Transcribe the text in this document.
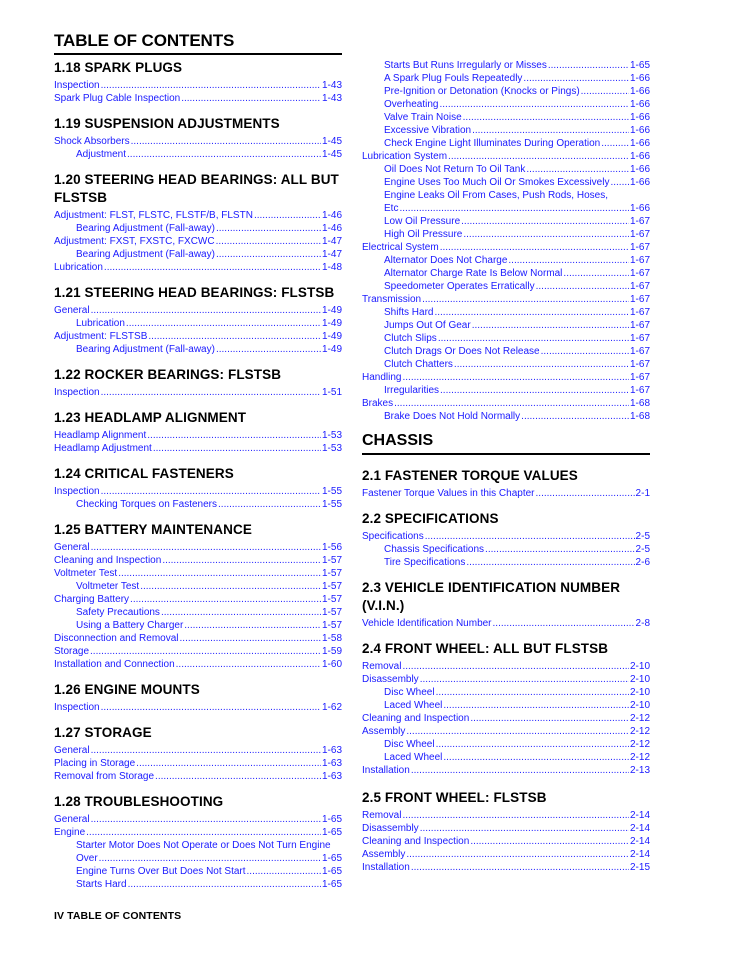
TABLE OF CONTENTS
1.18 SPARK PLUGS
Inspection .....	1-43
Spark Plug Cable Inspection .....	1-43
1.19 SUSPENSION ADJUSTMENTS
Shock Absorbers .....	1-45
Adjustment .....	1-45
1.20 STEERING HEAD BEARINGS: ALL BUT FLSTSB
Adjustment: FLST, FLSTC, FLSTF/B, FLSTN .....	1-46
Bearing Adjustment (Fall-away) .....	1-46
Adjustment: FXST, FXSTC, FXCWC .....	1-47
Bearing Adjustment (Fall-away) .....	1-47
Lubrication .....	1-48
1.21 STEERING HEAD BEARINGS: FLSTSB
General .....	1-49
Lubrication .....	1-49
Adjustment: FLSTSB .....	1-49
Bearing Adjustment (Fall-away) .....	1-49
1.22 ROCKER BEARINGS: FLSTSB
Inspection .....	1-51
1.23 HEADLAMP ALIGNMENT
Headlamp Alignment .....	1-53
Headlamp Adjustment .....	1-53
1.24 CRITICAL FASTENERS
Inspection .....	1-55
Checking Torques on Fasteners .....	1-55
1.25 BATTERY MAINTENANCE
General .....	1-56
Cleaning and Inspection .....	1-57
Voltmeter Test .....	1-57
Voltmeter Test .....	1-57
Charging Battery .....	1-57
Safety Precautions .....	1-57
Using a Battery Charger .....	1-57
Disconnection and Removal .....	1-58
Storage .....	1-59
Installation and Connection .....	1-60
1.26 ENGINE MOUNTS
Inspection .....	1-62
1.27 STORAGE
General .....	1-63
Placing in Storage .....	1-63
Removal from Storage .....	1-63
1.28 TROUBLESHOOTING
General .....	1-65
Engine .....	1-65
Starter Motor Does Not Operate or Does Not Turn Engine
Over .....	1-65
Engine Turns Over But Does Not Start .....	1-65
Starts Hard .....	1-65
Starts But Runs Irregularly or Misses .....	1-65
A Spark Plug Fouls Repeatedly .....	1-66
Pre-Ignition or Detonation (Knocks or Pings) .....	1-66
Overheating .....	1-66
Valve Train Noise .....	1-66
Excessive Vibration .....	1-66
Check Engine Light Illuminates During Operation .....	1-66
Lubrication System .....	1-66
Oil Does Not Return To Oil Tank .....	1-66
Engine Uses Too Much Oil Or Smokes Excessively ..... 1-66
Engine Leaks Oil From Cases, Push Rods, Hoses,
Etc .....	1-66
Low Oil Pressure .....	1-67
High Oil Pressure .....	1-67
Electrical System .....	1-67
Alternator Does Not Charge .....	1-67
Alternator Charge Rate Is Below Normal .....	1-67
Speedometer Operates Erratically .....	1-67
Transmission .....	1-67
Shifts Hard .....	1-67
Jumps Out Of Gear .....	1-67
Clutch Slips .....	1-67
Clutch Drags Or Does Not Release .....	1-67
Clutch Chatters .....	1-67
Handling .....	1-67
Irregularities .....	1-67
Brakes .....	1-68
Brake Does Not Hold Normally .....	1-68
CHASSIS
2.1 FASTENER TORQUE VALUES
Fastener Torque Values in this Chapter .....	2-1
2.2 SPECIFICATIONS
Specifications .....	2-5
Chassis Specifications .....	2-5
Tire Specifications .....	2-6
2.3 VEHICLE IDENTIFICATION NUMBER (V.I.N.)
Vehicle Identification Number .....	2-8
2.4 FRONT WHEEL: ALL BUT FLSTSB
Removal .....	2-10
Disassembly .....	2-10
Disc Wheel .....	2-10
Laced Wheel .....	2-10
Cleaning and Inspection .....	2-12
Assembly .....	2-12
Disc Wheel .....	2-12
Laced Wheel .....	2-12
Installation .....	2-13
2.5 FRONT WHEEL: FLSTSB
Removal .....	2-14
Disassembly .....	2-14
Cleaning and Inspection .....	2-14
Assembly .....	2-14
Installation .....	2-15
IV TABLE OF CONTENTS
